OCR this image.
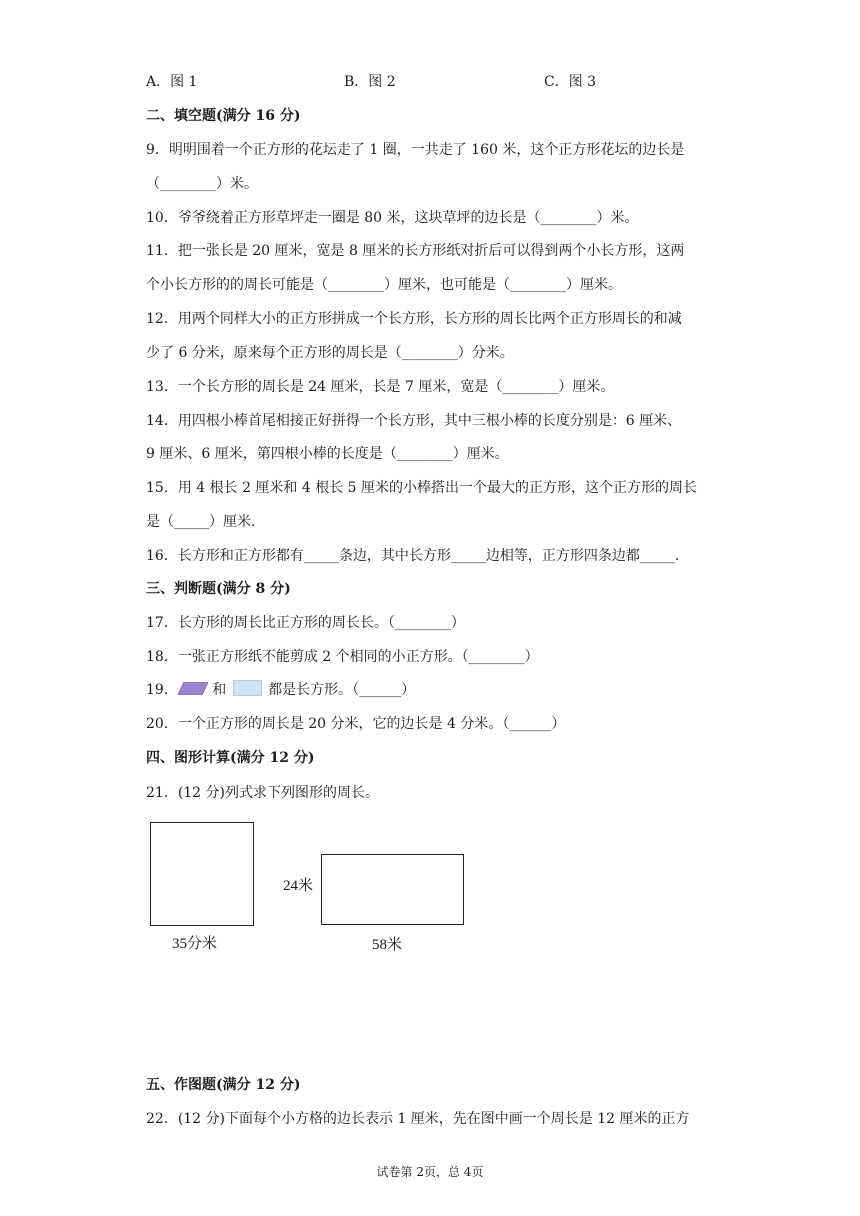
A．图 1	B．图 2	C．图 3
二、填空题(满分 16 分)
9．明明围着一个正方形的花坛走了 1 圈，一共走了 160 米，这个正方形花坛的边长是
（________）米。
10．爷爷绕着正方形草坪走一圈是 80 米，这块草坪的边长是（________）米。
11．把一张长是 20 厘米，宽是 8 厘米的长方形纸对折后可以得到两个小长方形，这两
个小长方形的的周长可能是（________）厘米，也可能是（________）厘米。
12．用两个同样大小的正方形拼成一个长方形，长方形的周长比两个正方形周长的和减
少了 6 分米，原来每个正方形的周长是（________）分米。
13．一个长方形的周长是 24 厘米，长是 7 厘米，宽是（________）厘米。
14．用四根小棒首尾相接正好拼得一个长方形，其中三根小棒的长度分别是：6 厘米、
9 厘米、6 厘米，第四根小棒的长度是（________）厘米。
15．用 4 根长 2 厘米和 4 根长 5 厘米的小棒搭出一个最大的正方形，这个正方形的周长
是（_____）厘米.
16．长方形和正方形都有_____条边，其中长方形_____边相等，正方形四条边都_____.
三、判断题(满分 8 分)
17．长方形的周长比正方形的周长长。（________）
18．一张正方形纸不能剪成 2 个相同的小正方形。（________）
19． 和	都是长方形。（______）
20．一个正方形的周长是 20 分米，它的边长是 4 分米。（______）
四、图形计算(满分 12 分)
21．(12 分)列式求下列图形的周长。
35分米
24米
58米
五、作图题(满分 12 分)
22．(12 分)下面每个小方格的边长表示 1 厘米，先在图中画一个周长是 12 厘米的正方
试卷第 2页，总 4页
